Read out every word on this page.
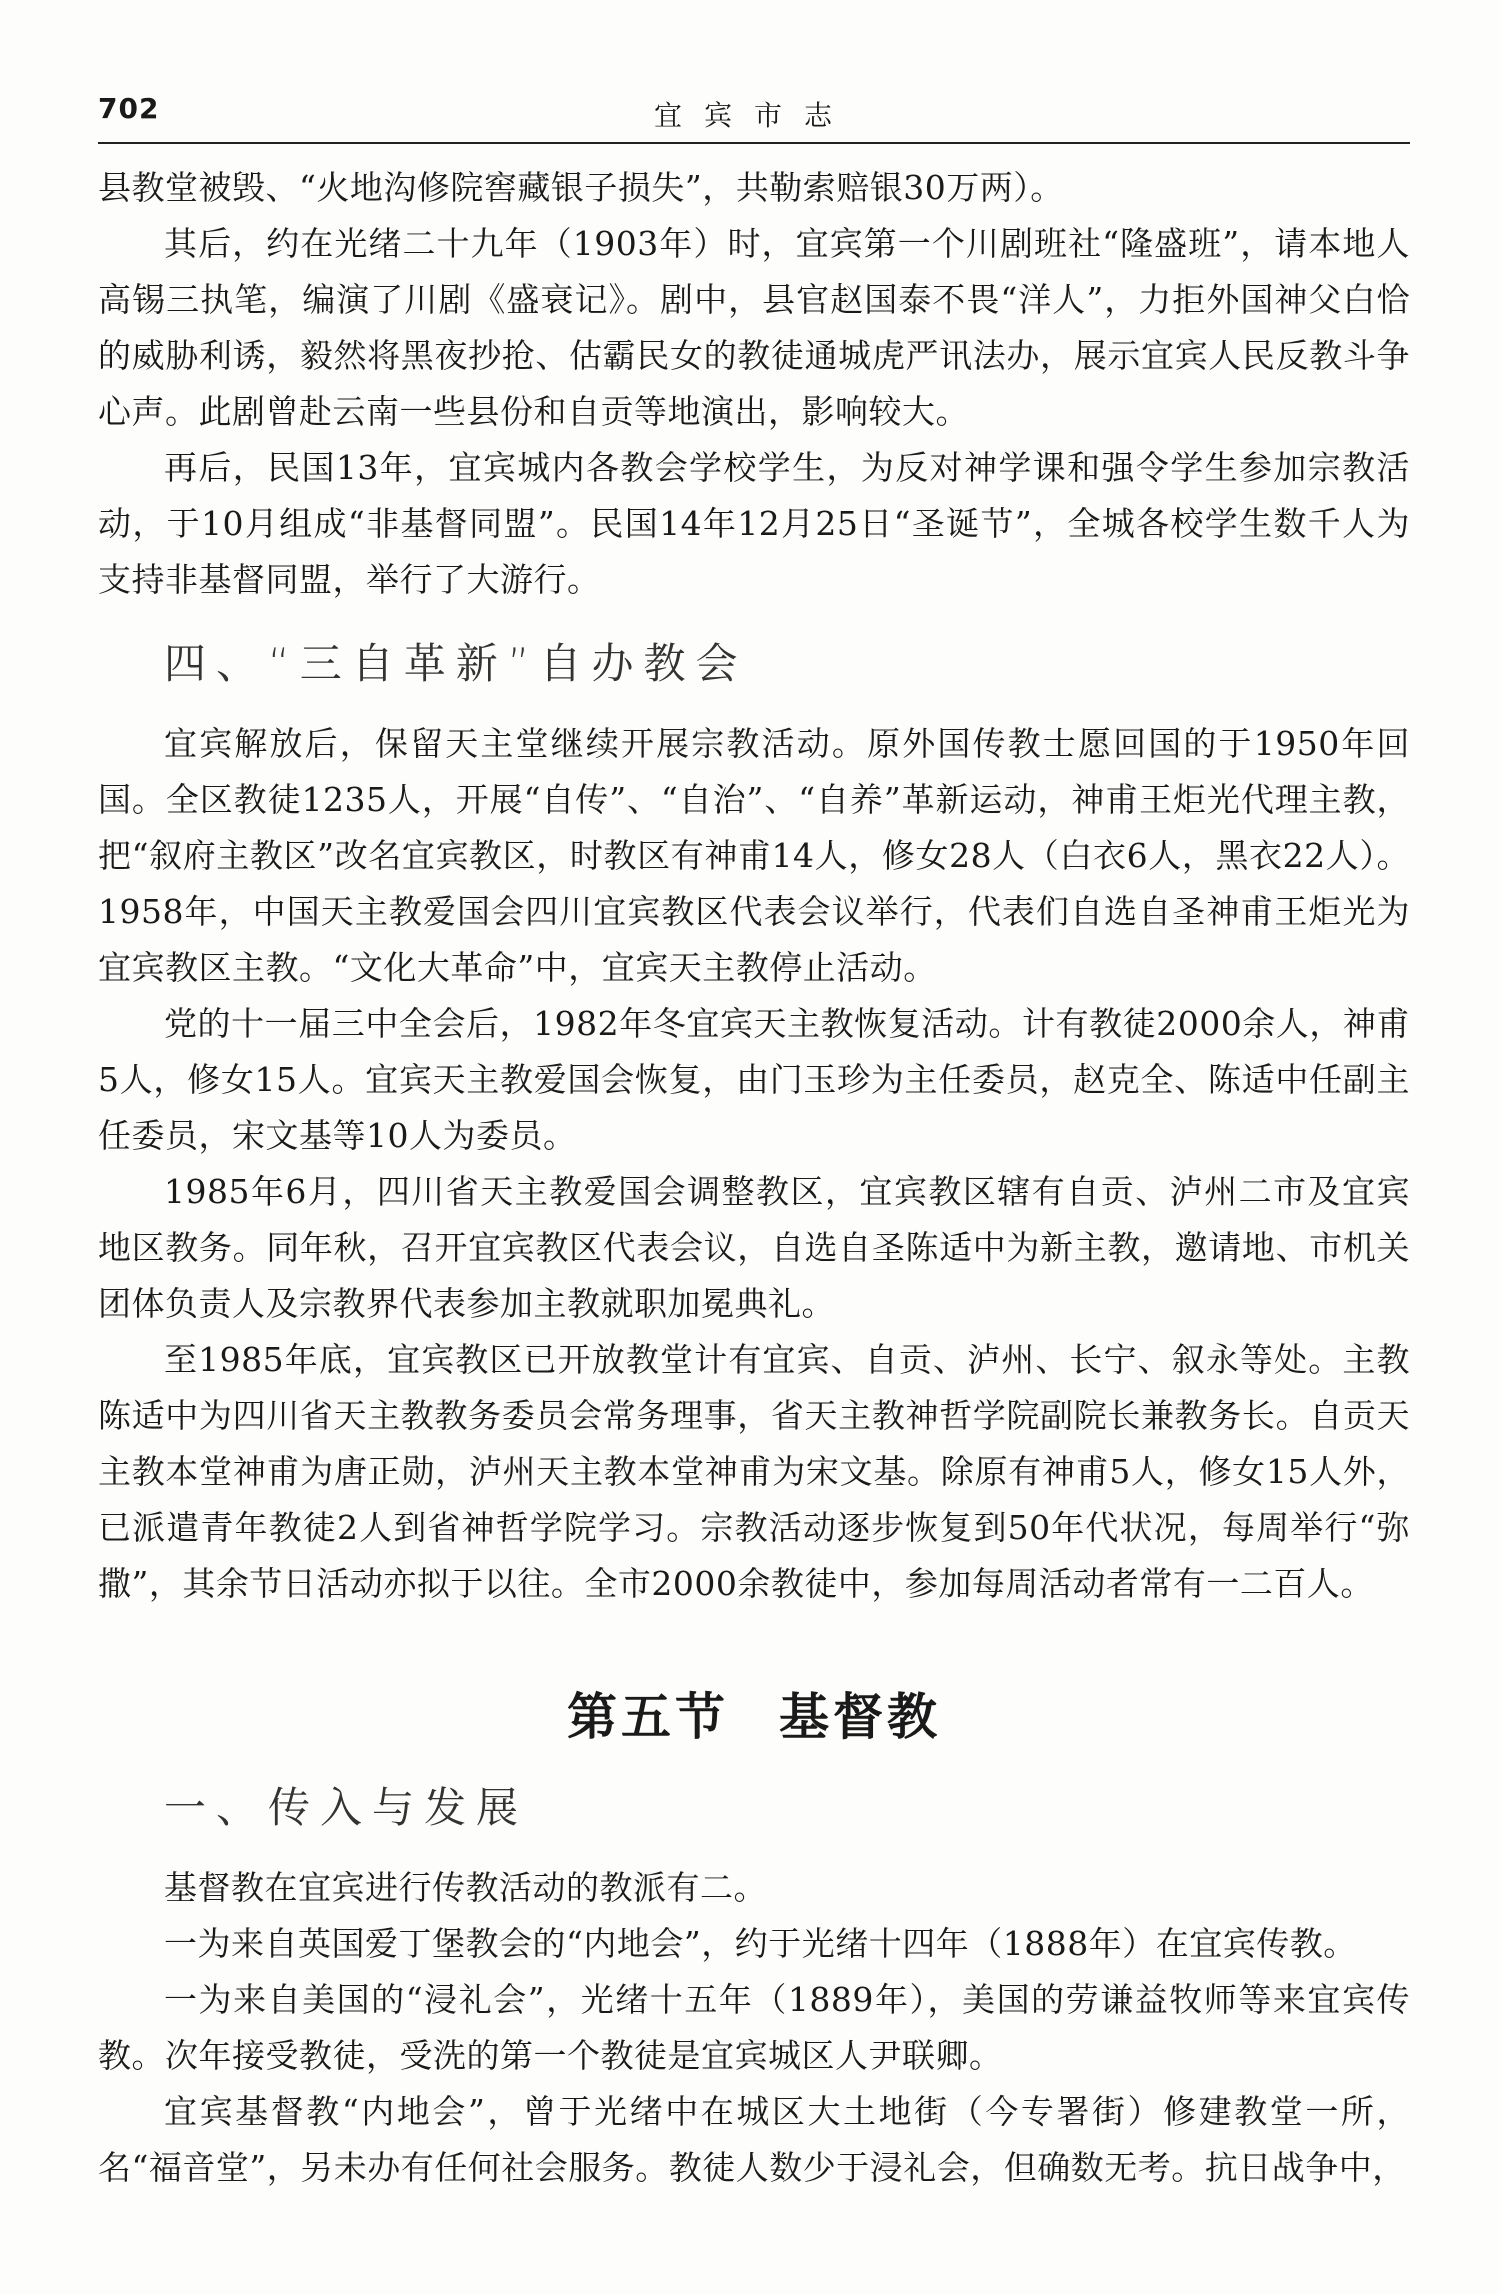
702	宜宾市志

县教堂被毁、“火地沟修院窖藏银子损失”，共勒索赔银30万两）。

其后，约在光绪二十九年（1903年）时，宜宾第一个川剧班社“隆盛班”，请本地人高锡三执笔，编演了川剧《盛衰记》。剧中，县官赵国泰不畏“洋人”，力拒外国神父白恰的威胁利诱，毅然将黑夜抄抢、估霸民女的教徒通城虎严讯法办，展示宜宾人民反教斗争心声。此剧曾赴云南一些县份和自贡等地演出，影响较大。

再后，民国13年，宜宾城内各教会学校学生，为反对神学课和强令学生参加宗教活动，于10月组成“非基督同盟”。民国14年12月25日“圣诞节”，全城各校学生数千人为支持非基督同盟，举行了大游行。

四、“三自革新”自办教会

宜宾解放后，保留天主堂继续开展宗教活动。原外国传教士愿回国的于1950年回国。全区教徒1235人，开展“自传”、“自治”、“自养”革新运动，神甫王炬光代理主教，把“叙府主教区”改名宜宾教区，时教区有神甫14人，修女28人（白衣6人，黑衣22人）。1958年，中国天主教爱国会四川宜宾教区代表会议举行，代表们自选自圣神甫王炬光为宜宾教区主教。“文化大革命”中，宜宾天主教停止活动。

党的十一届三中全会后，1982年冬宜宾天主教恢复活动。计有教徒2000余人，神甫5人，修女15人。宜宾天主教爱国会恢复，由门玉珍为主任委员，赵克全、陈适中任副主任委员，宋文基等10人为委员。

1985年6月，四川省天主教爱国会调整教区，宜宾教区辖有自贡、泸州二市及宜宾地区教务。同年秋，召开宜宾教区代表会议，自选自圣陈适中为新主教，邀请地、市机关团体负责人及宗教界代表参加主教就职加冕典礼。

至1985年底，宜宾教区已开放教堂计有宜宾、自贡、泸州、长宁、叙永等处。主教陈适中为四川省天主教教务委员会常务理事，省天主教神哲学院副院长兼教务长。自贡天主教本堂神甫为唐正勋，泸州天主教本堂神甫为宋文基。除原有神甫5人，修女15人外，已派遣青年教徒2人到省神哲学院学习。宗教活动逐步恢复到50年代状况，每周举行“弥撒”，其余节日活动亦拟于以往。全市2000余教徒中，参加每周活动者常有一二百人。

第五节 基督教
一、传入与发展

基督教在宜宾进行传教活动的教派有二。

一为来自英国爱丁堡教会的“内地会”，约于光绪十四年（1888年）在宜宾传教。

一为来自美国的“浸礼会”，光绪十五年（1889年），美国的劳谦益牧师等来宜宾传教。次年接受教徒，受洗的第一个教徒是宜宾城区人尹联卿。

宜宾基督教“内地会”，曾于光绪中在城区大土地街（今专署街）修建教堂一所，名“福音堂”，另未办有任何社会服务。教徒人数少于浸礼会，但确数无考。抗日战争中，
